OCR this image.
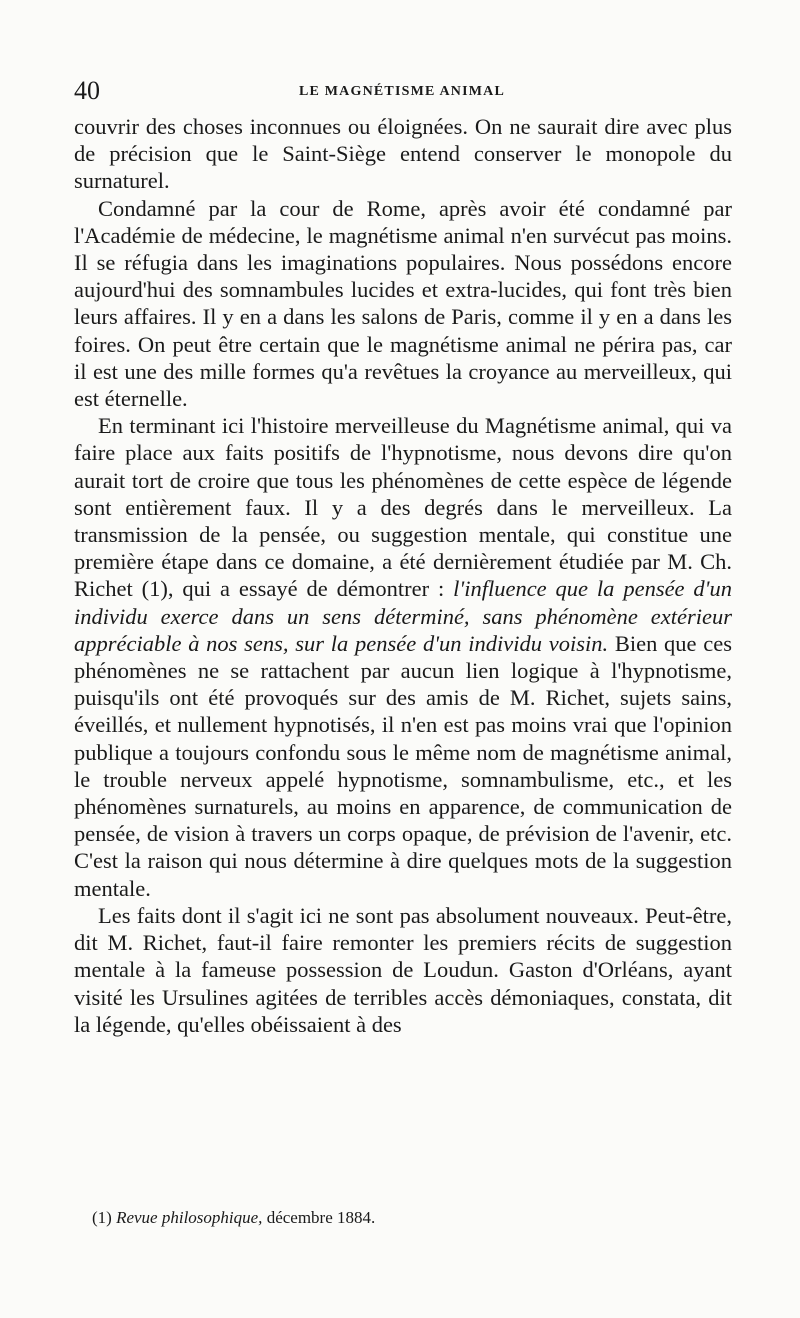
40	LE MAGNÉTISME ANIMAL

couvrir des choses inconnues ou éloignées. On ne saurait dire avec plus de précision que le Saint-Siège entend conserver le monopole du surnaturel.

Condamné par la cour de Rome, après avoir été condamné par l'Académie de médecine, le magnétisme animal n'en survécut pas moins. Il se réfugia dans les imaginations populaires. Nous possédons encore aujourd'hui des somnambules lucides et extra-lucides, qui font très bien leurs affaires. Il y en a dans les salons de Paris, comme il y en a dans les foires. On peut être certain que le magnétisme animal ne périra pas, car il est une des mille formes qu'a revêtues la croyance au merveilleux, qui est éternelle.

En terminant ici l'histoire merveilleuse du Magnétisme animal, qui va faire place aux faits positifs de l'hypnotisme, nous devons dire qu'on aurait tort de croire que tous les phénomènes de cette espèce de légende sont entièrement faux. Il y a des degrés dans le merveilleux. La transmission de la pensée, ou suggestion mentale, qui constitue une première étape dans ce domaine, a été dernièrement étudiée par M. Ch. Richet (1), qui a essayé de démontrer : l'influence que la pensée d'un individu exerce dans un sens déterminé, sans phénomène extérieur appréciable à nos sens, sur la pensée d'un individu voisin. Bien que ces phénomènes ne se rattachent par aucun lien logique à l'hypnotisme, puisqu'ils ont été provoqués sur des amis de M. Richet, sujets sains, éveillés, et nullement hypnotisés, il n'en est pas moins vrai que l'opinion publique a toujours confondu sous le même nom de magnétisme animal, le trouble nerveux appelé hypnotisme, somnambulisme, etc., et les phénomènes surnaturels, au moins en apparence, de communication de pensée, de vision à travers un corps opaque, de prévision de l'avenir, etc. C'est la raison qui nous détermine à dire quelques mots de la suggestion mentale.

Les faits dont il s'agit ici ne sont pas absolument nouveaux. Peut-être, dit M. Richet, faut-il faire remonter les premiers récits de suggestion mentale à la fameuse possession de Loudun. Gaston d'Orléans, ayant visité les Ursulines agitées de terribles accès démoniaques, constata, dit la légende, qu'elles obéissaient à des

(1) Revue philosophique, décembre 1884.
